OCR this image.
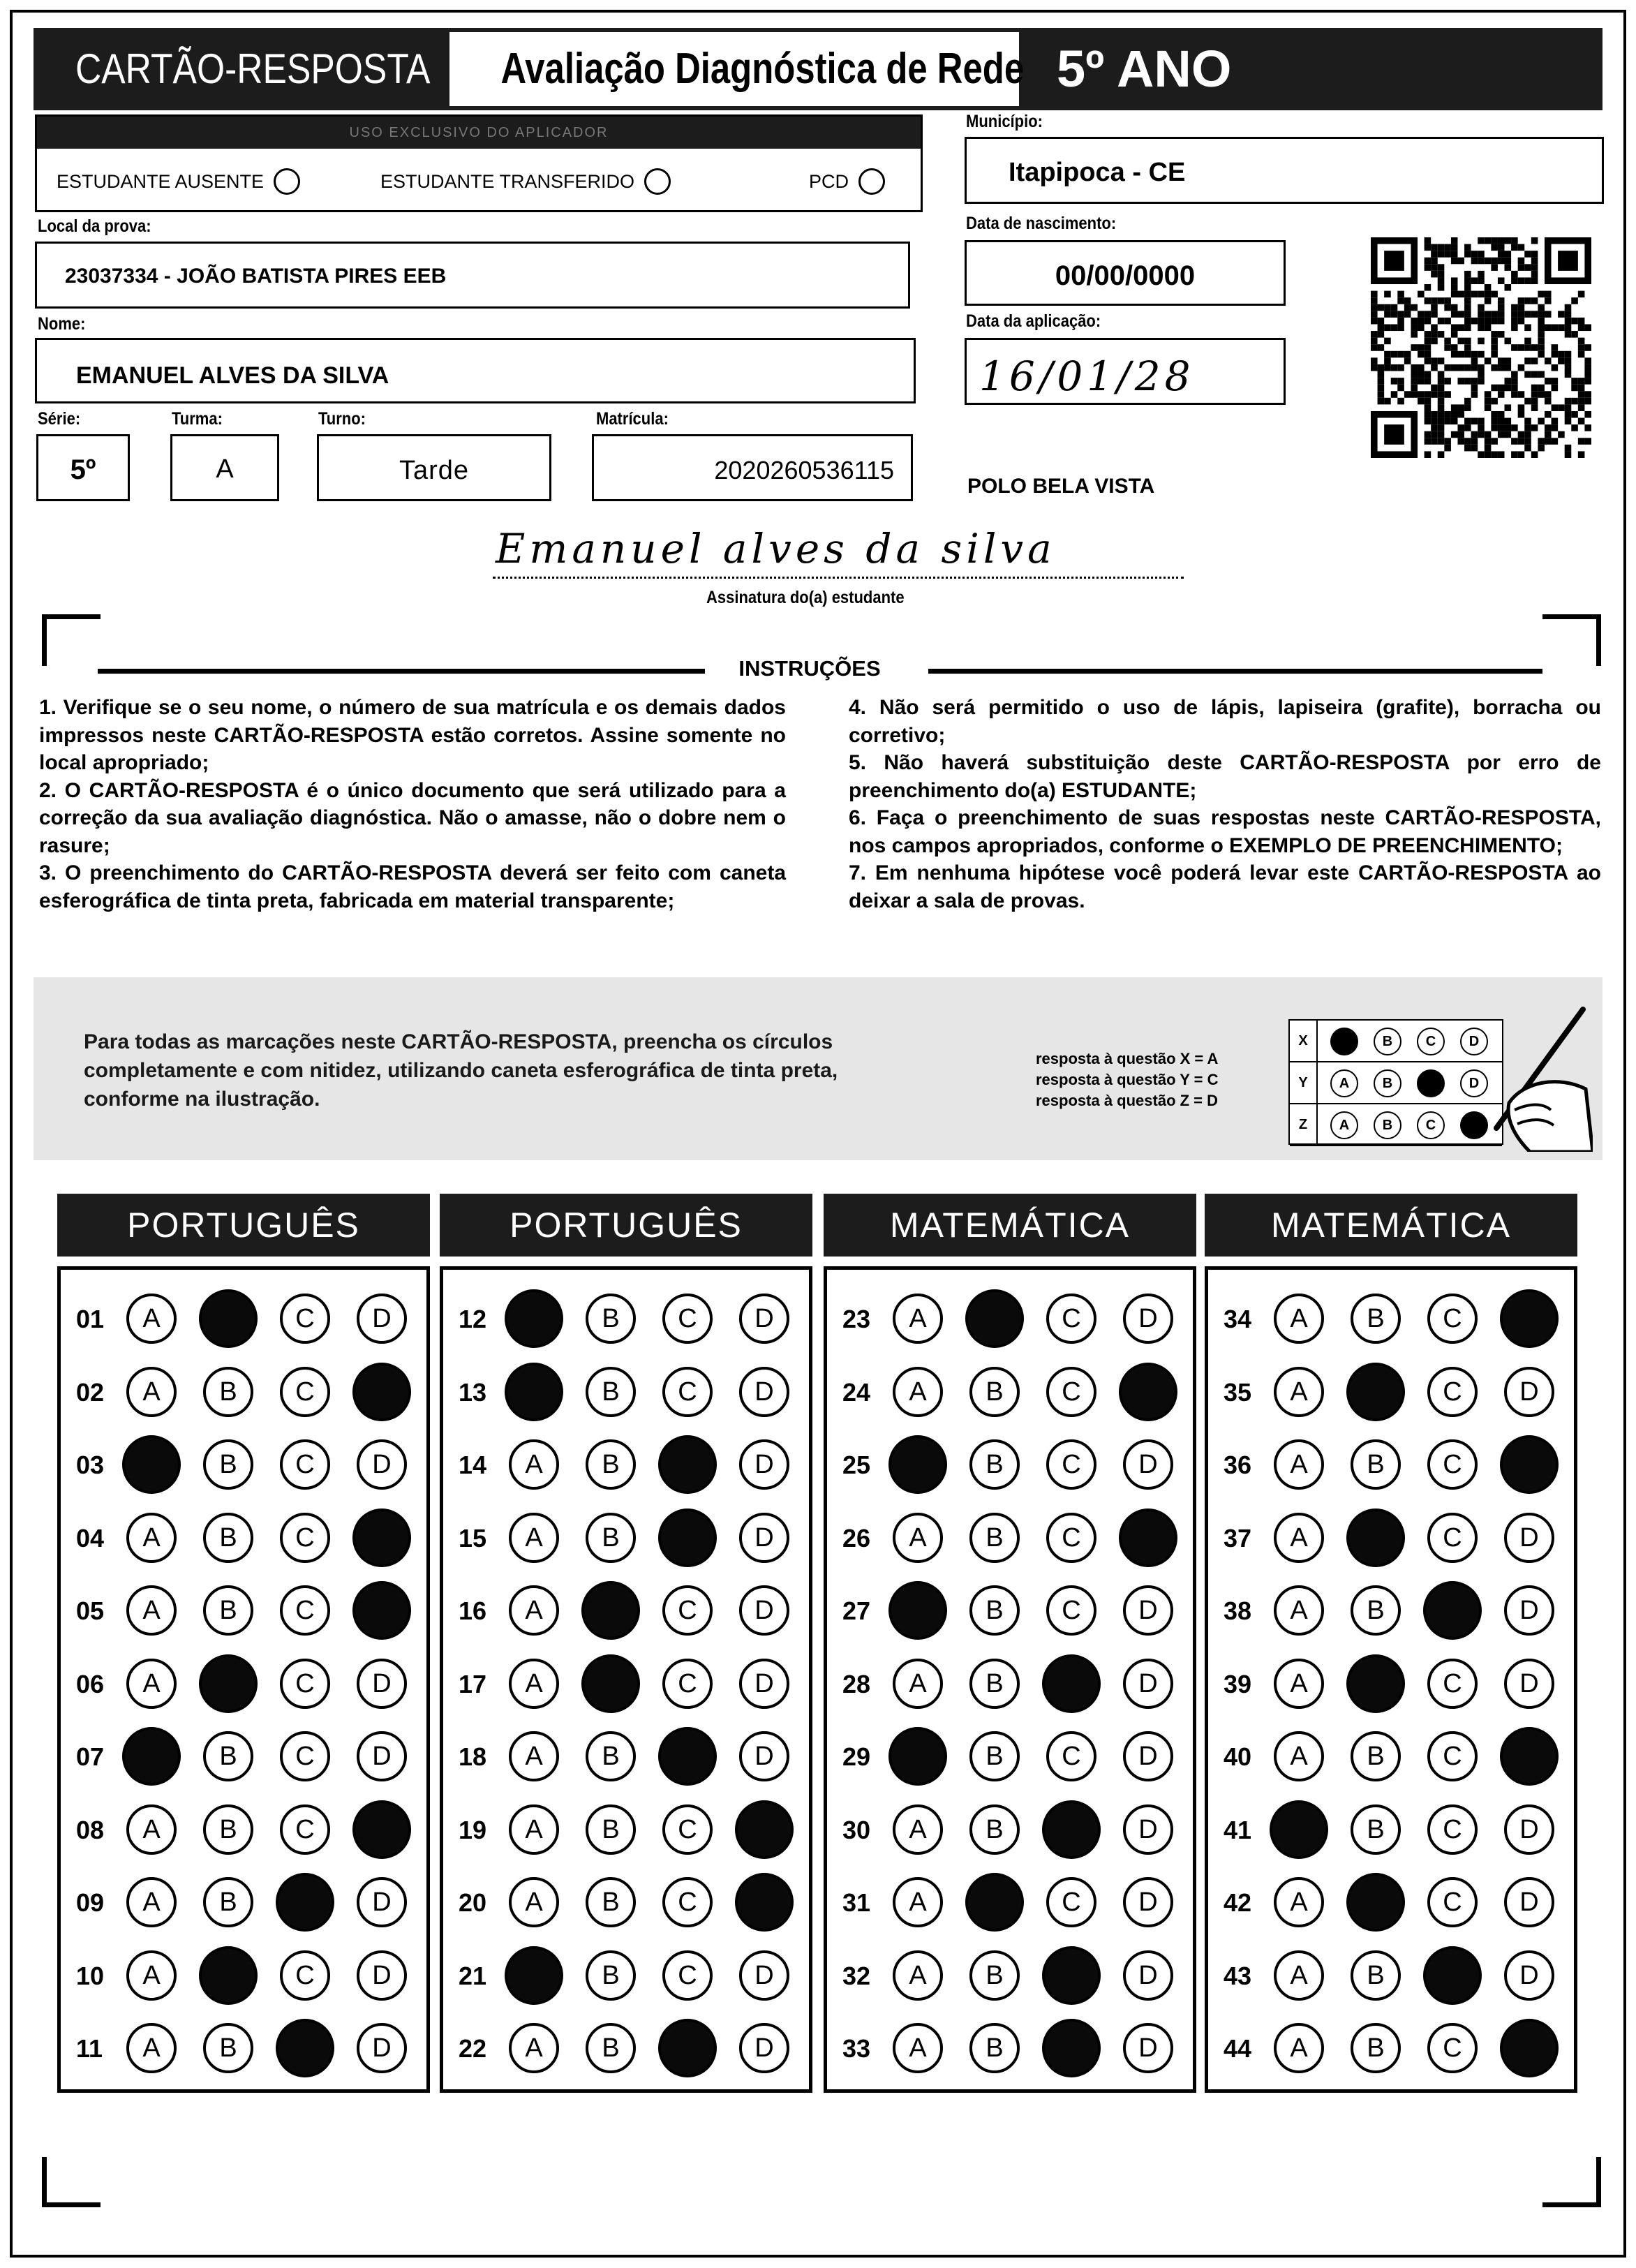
CARTÃO-RESPOSTA Avaliação Diagnóstica de Rede 5º ANO
USO EXCLUSIVO DO APLICADOR
ESTUDANTE AUSENTE	ESTUDANTE TRANSFERIDO	PCD
Município:
Itapipoca - CE
Local da prova:
23037334 - JOÃO BATISTA PIRES EEB
Data de nascimento:
00/00/0000
Nome:
EMANUEL ALVES DA SILVA
Data da aplicação:
16/01/28
Série:
5º
Turma:
A
Turno:
Tarde
Matrícula:
2020260536115
POLO BELA VISTA
Emanuel alves da silva
Assinatura do(a) estudante
INSTRUÇÕES

1. Verifique se o seu nome, o número de sua matrícula e os demais dados impressos neste CARTÃO-RESPOSTA estão corretos. Assine somente no local apropriado;

2. O CARTÃO-RESPOSTA é o único documento que será utilizado para a correção da sua avaliação diagnóstica. Não o amasse, não o dobre nem o rasure;

3. O preenchimento do CARTÃO-RESPOSTA deverá ser feito com caneta esferográfica de tinta preta, fabricada em material transparente;

4. Não será permitido o uso de lápis, lapiseira (grafite), borracha ou corretivo;

5. Não haverá substituição deste CARTÃO-RESPOSTA por erro de preenchimento do(a) ESTUDANTE;

6. Faça o preenchimento de suas respostas neste CARTÃO-RESPOSTA, nos campos apropriados, conforme o EXEMPLO DE PREENCHIMENTO;

7. Em nenhuma hipótese você poderá levar este CARTÃO-RESPOSTA ao deixar a sala de provas.

Para todas as marcações neste CARTÃO-RESPOSTA, preencha os círculos completamente e com nitidez, utilizando caneta esferográfica de tinta preta, conforme na ilustração.
resposta à questão X = A
resposta à questão Y = C
resposta à questão Z = D
X	A	B	C	D
Y	A	B	C	D
Z	A	B	C	D
PORTUGUÊS	PORTUGUÊS	MATEMÁTICA	MATEMÁTICA
01	A	B	C	D
02	A	B	C	D
03	A	B	C	D
04	A	B	C	D
05	A	B	C	D
06	A	B	C	D
07	A	B	C	D
08	A	B	C	D
09	A	B	C	D
10	A	B	C	D
11	A	B	C	D
12	A	B	C	D
13	A	B	C	D
14	A	B	C	D
15	A	B	C	D
16	A	B	C	D
17	A	B	C	D
18	A	B	C	D
19	A	B	C	D
20	A	B	C	D
21	A	B	C	D
22	A	B	C	D
23	A	B	C	D
24	A	B	C	D
25	A	B	C	D
26	A	B	C	D
27	A	B	C	D
28	A	B	C	D
29	A	B	C	D
30	A	B	C	D
31	A	B	C	D
32	A	B	C	D
33	A	B	C	D
34	A	B	C	D
35	A	B	C	D
36	A	B	C	D
37	A	B	C	D
38	A	B	C	D
39	A	B	C	D
40	A	B	C	D
41	A	B	C	D
42	A	B	C	D
43	A	B	C	D
44	A	B	C	D
